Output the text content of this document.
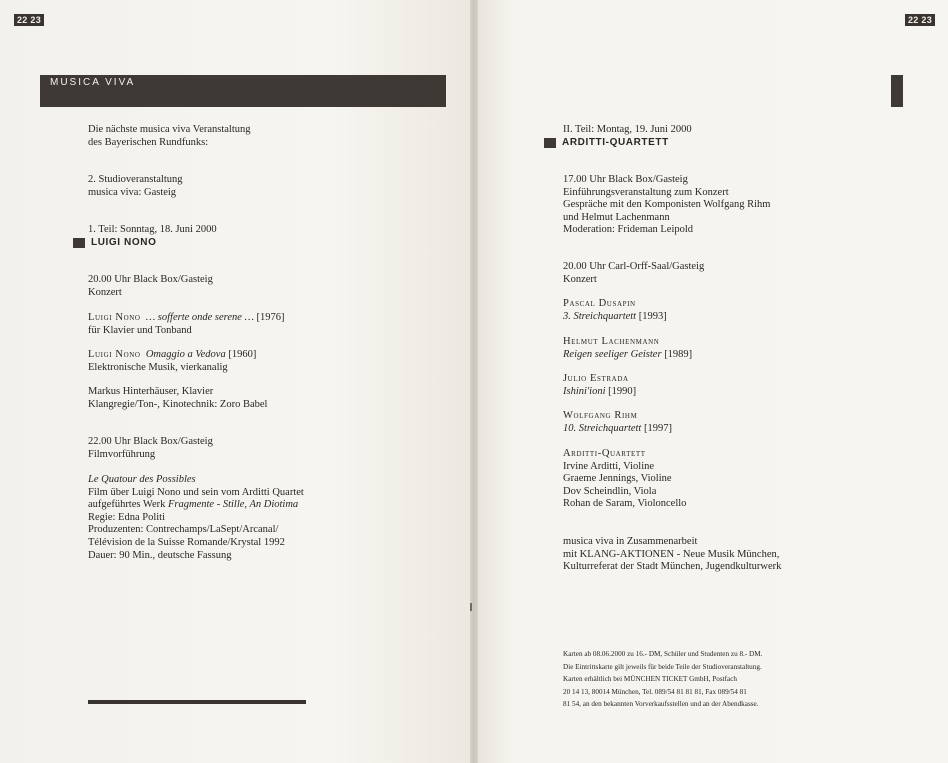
22 23	22 23
MUSICA VIVA

Die nächste musica viva Veranstaltung

des Bayerischen Rundfunks:

2. Studioveranstaltung

musica viva: Gasteig

1. Teil: Sonntag, 18. Juni 2000

LUIGI NONO

20.00 Uhr Black Box/Gasteig

Konzert

Luigi Nono … sofferte onde serene … [1976]

für Klavier und Tonband

Luigi Nono Omaggio a Vedova [1960]

Elektronische Musik, vierkanalig

Markus Hinterhäuser, Klavier

Klangregie/Ton-, Kinotechnik: Zoro Babel

22.00 Uhr Black Box/Gasteig

Filmvorführung

Le Quatour des Possibles

Film über Luigi Nono und sein vom Arditti Quartet

aufgeführtes Werk Fragmente - Stille, An Diotima

Regie: Edna Politi

Produzenten: Contrechamps/LaSept/Arcanal/

Télévision de la Suisse Romande/Krystal 1992

Dauer: 90 Min., deutsche Fassung

II. Teil: Montag, 19. Juni 2000

ARDITTI-QUARTETT

17.00 Uhr Black Box/Gasteig

Einführungsveranstaltung zum Konzert

Gespräche mit den Komponisten Wolfgang Rihm

und Helmut Lachenmann

Moderation: Frideman Leipold

20.00 Uhr Carl-Orff-Saal/Gasteig

Konzert

Pascal Dusapin

3. Streichquartett [1993]

Helmut Lachenmann

Reigen seeliger Geister [1989]

Julio Estrada

Ishini'ioni [1990]

Wolfgang Rihm

10. Streichquartett [1997]

Arditti-Quartett

Irvine Arditti, Violine

Graeme Jennings, Violine

Dov Scheindlin, Viola

Rohan de Saram, Violoncello

musica viva in Zusammenarbeit

mit KLANG-AKTIONEN - Neue Musik München,

Kulturreferat der Stadt München, Jugendkulturwerk

Karten ab 08.06.2000 zu 16.- DM, Schüler und Studenten zu 8.- DM.

Die Eintrittskarte gilt jeweils für beide Teile der Studioveranstaltung.

Karten erhältlich bei MÜNCHEN TICKET GmbH, Postfach

20 14 13, 80014 München, Tel. 089/54 81 81 81, Fax 089/54 81

81 54, an den bekannten Vorverkaufsstellen und an der Abendkasse.
